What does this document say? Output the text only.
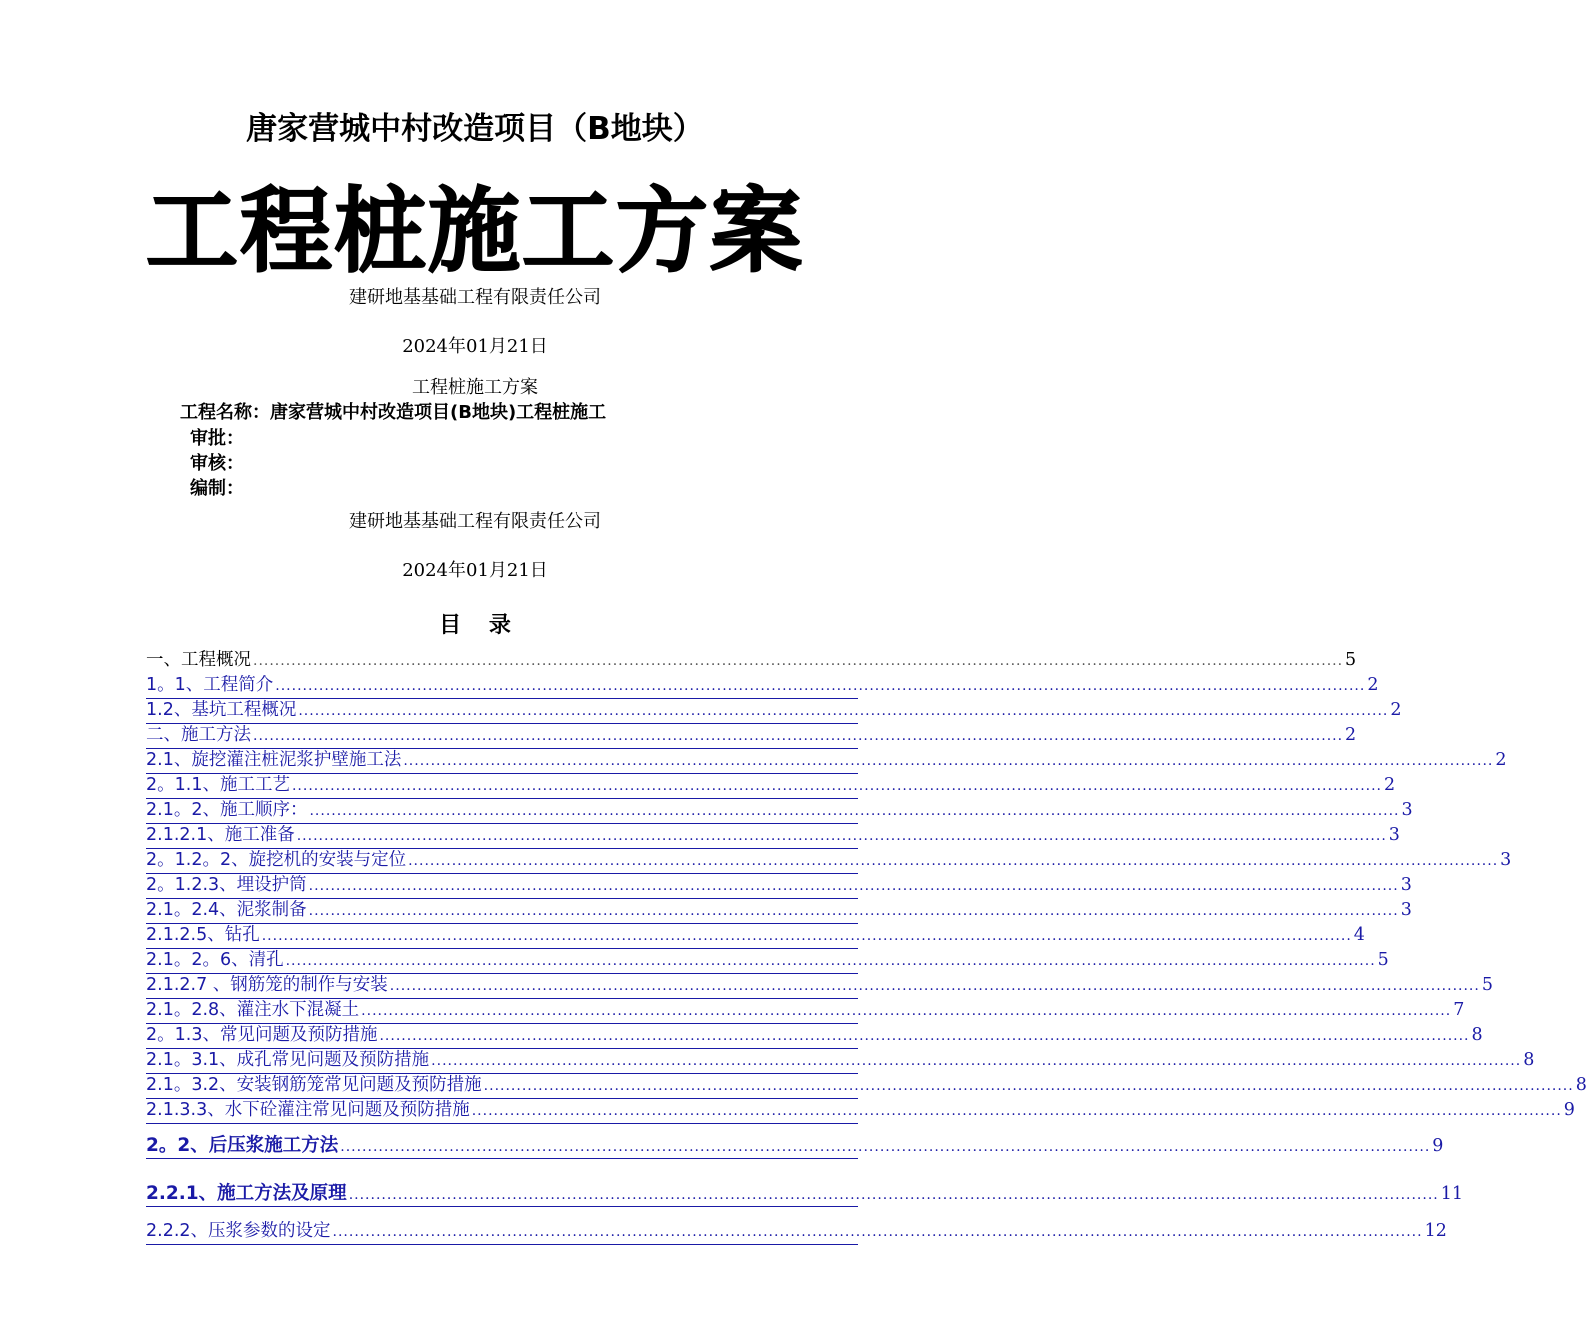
唐家营城中村改造项目（B地块）
工程桩施工方案
建研地基基础工程有限责任公司
2024年01月21日
工程桩施工方案
工程名称：唐家营城中村改造项目(B地块)工程桩施工
审批：
审核：
编制：
建研地基基础工程有限责任公司
2024年01月21日
目 录
一、工程概况 ........................................................................................................................................................................................................ 5
1。1、工程简介 ........................................................................................................................................................................................................ 2
1.2、基坑工程概况 ........................................................................................................................................................................................................ 2
二、施工方法 ........................................................................................................................................................................................................ 2
2.1、旋挖灌注桩泥浆护壁施工法 ........................................................................................................................................................................................................ 2
2。1.1、施工工艺 ........................................................................................................................................................................................................ 2
2.1。2、施工顺序： ........................................................................................................................................................................................................ 3
2.1.2.1、施工准备 ........................................................................................................................................................................................................ 3
2。1.2。2、旋挖机的安装与定位 ........................................................................................................................................................................................................ 3
2。1.2.3、埋设护筒 ........................................................................................................................................................................................................ 3
2.1。2.4、泥浆制备 ........................................................................................................................................................................................................ 3
2.1.2.5、钻孔 ........................................................................................................................................................................................................ 4
2.1。2。6、清孔 ........................................................................................................................................................................................................ 5
2.1.2.7 、钢筋笼的制作与安装 ........................................................................................................................................................................................................ 5
2.1。2.8、灌注水下混凝土 ........................................................................................................................................................................................................ 7
2。1.3、常见问题及预防措施 ........................................................................................................................................................................................................ 8
2.1。3.1、成孔常见问题及预防措施 ........................................................................................................................................................................................................ 8
2.1。3.2、安装钢筋笼常见问题及预防措施 ........................................................................................................................................................................................................ 8
2.1.3.3、水下砼灌注常见问题及预防措施 ........................................................................................................................................................................................................ 9
2。2、后压浆施工方法 ........................................................................................................................................................................................................ 9
2.2.1、施工方法及原理 ........................................................................................................................................................................................................ 11
2.2.2、压浆参数的设定 ........................................................................................................................................................................................................ 12
